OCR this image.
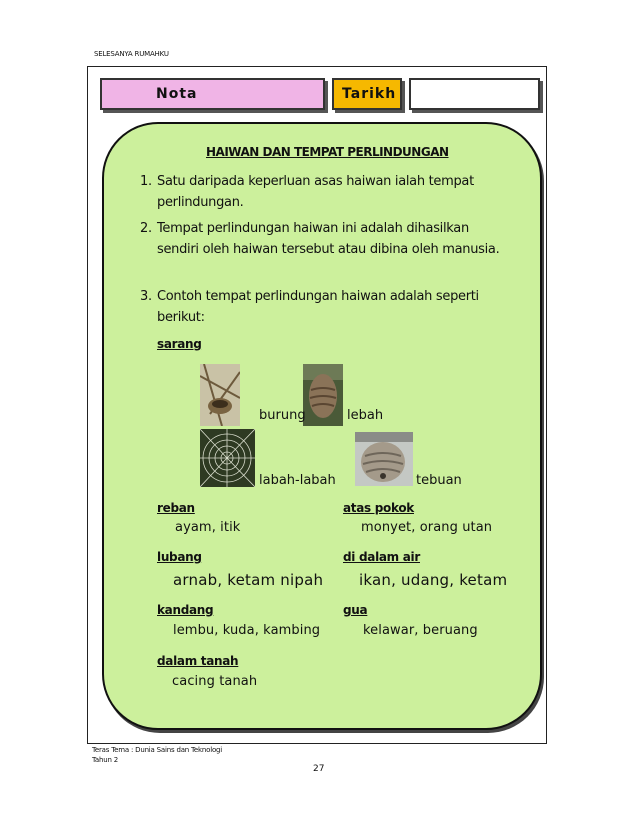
SELESANYA RUMAHKU
Nota	Tarikh
HAIWAN DAN TEMPAT PERLINDUNGAN
1. Satu daripada keperluan asas haiwan ialah tempat perlindungan.
2. Tempat perlindungan haiwan ini adalah dihasilkan sendiri oleh haiwan tersebut atau dibina oleh manusia.
3. Contoh tempat perlindungan haiwan adalah seperti berikut:
sarang
burung	lebah
labah-labah	tebuan
reban
ayam, itik
atas pokok
monyet, orang utan
lubang
arnab, ketam nipah
di dalam air
ikan, udang, ketam
kandang
lembu, kuda, kambing
gua
kelawar, beruang
dalam tanah
cacing tanah
Teras Tema : Dunia Sains dan Teknologi
Tahun 2
27
